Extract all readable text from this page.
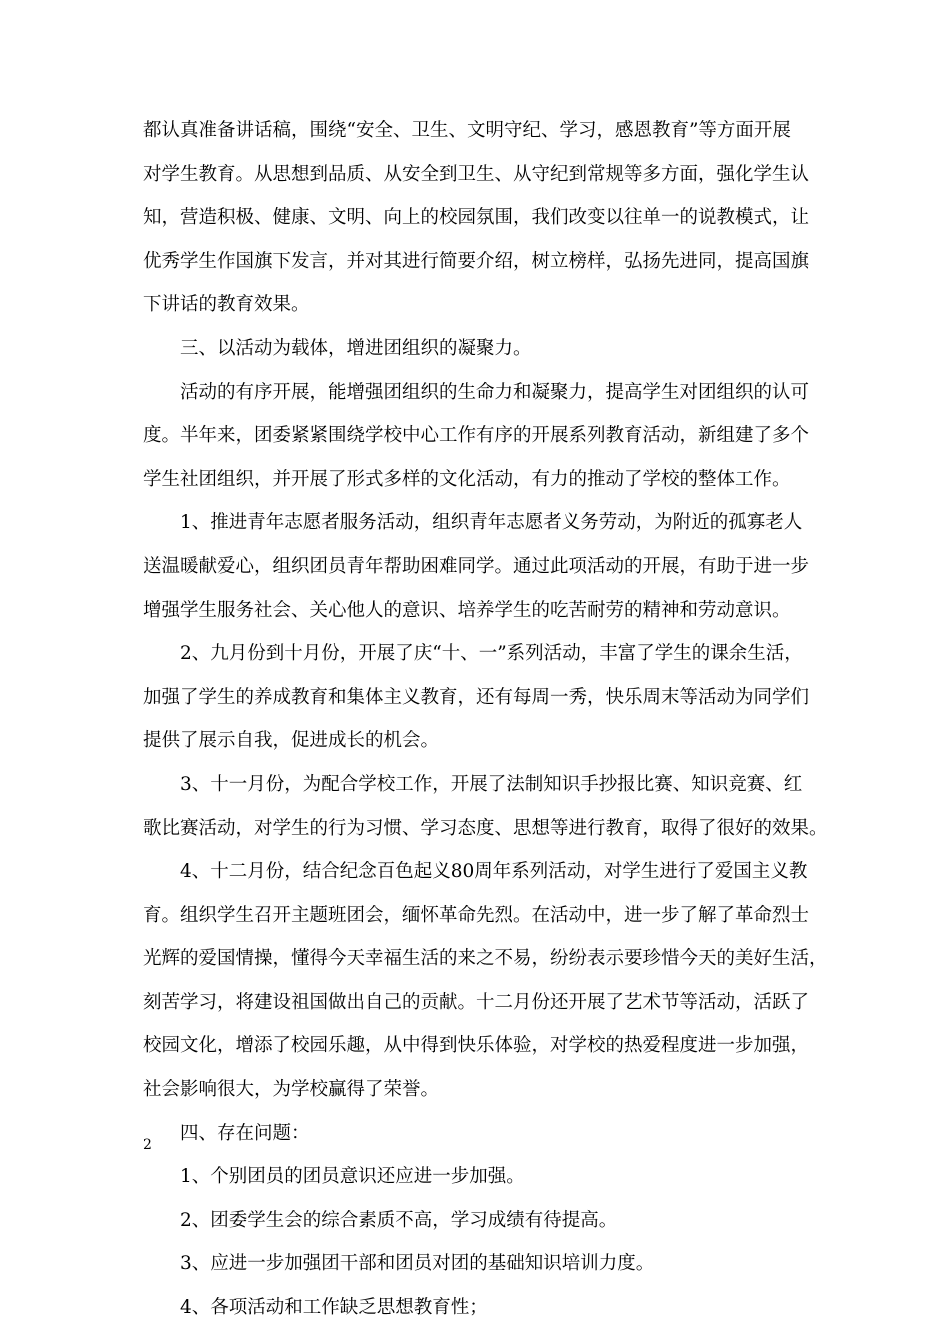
都认真准备讲话稿，围绕“安全、卫生、文明守纪、学习，感恩教育”等方面开展
对学生教育。从思想到品质、从安全到卫生、从守纪到常规等多方面，强化学生认
知，营造积极、健康、文明、向上的校园氛围，我们改变以往单一的说教模式，让
优秀学生作国旗下发言，并对其进行简要介绍，树立榜样，弘扬先进同，提高国旗
下讲话的教育效果。
三、以活动为载体，增进团组织的凝聚力。
活动的有序开展，能增强团组织的生命力和凝聚力，提高学生对团组织的认可
度。半年来，团委紧紧围绕学校中心工作有序的开展系列教育活动，新组建了多个
学生社团组织，并开展了形式多样的文化活动，有力的推动了学校的整体工作。
1、推进青年志愿者服务活动，组织青年志愿者义务劳动，为附近的孤寡老人
送温暖献爱心，组织团员青年帮助困难同学。通过此项活动的开展，有助于进一步
增强学生服务社会、关心他人的意识、培养学生的吃苦耐劳的精神和劳动意识。
2、九月份到十月份，开展了庆“十、一”系列活动，丰富了学生的课余生活，
加强了学生的养成教育和集体主义教育，还有每周一秀，快乐周末等活动为同学们
提供了展示自我，促进成长的机会。
3、十一月份，为配合学校工作，开展了法制知识手抄报比赛、知识竞赛、红
歌比赛活动，对学生的行为习惯、学习态度、思想等进行教育，取得了很好的效果。
4、十二月份，结合纪念百色起义80周年系列活动，对学生进行了爱国主义教
育。组织学生召开主题班团会，缅怀革命先烈。在活动中，进一步了解了革命烈士
光辉的爱国情操，懂得今天幸福生活的来之不易，纷纷表示要珍惜今天的美好生活，
刻苦学习，将建设祖国做出自己的贡献。十二月份还开展了艺术节等活动，活跃了
校园文化，增添了校园乐趣，从中得到快乐体验，对学校的热爱程度进一步加强，
社会影响很大，为学校赢得了荣誉。
四、存在问题：
1、个别团员的团员意识还应进一步加强。
2、团委学生会的综合素质不高，学习成绩有待提高。
3、应进一步加强团干部和团员对团的基础知识培训力度。
4、各项活动和工作缺乏思想教育性；
2
